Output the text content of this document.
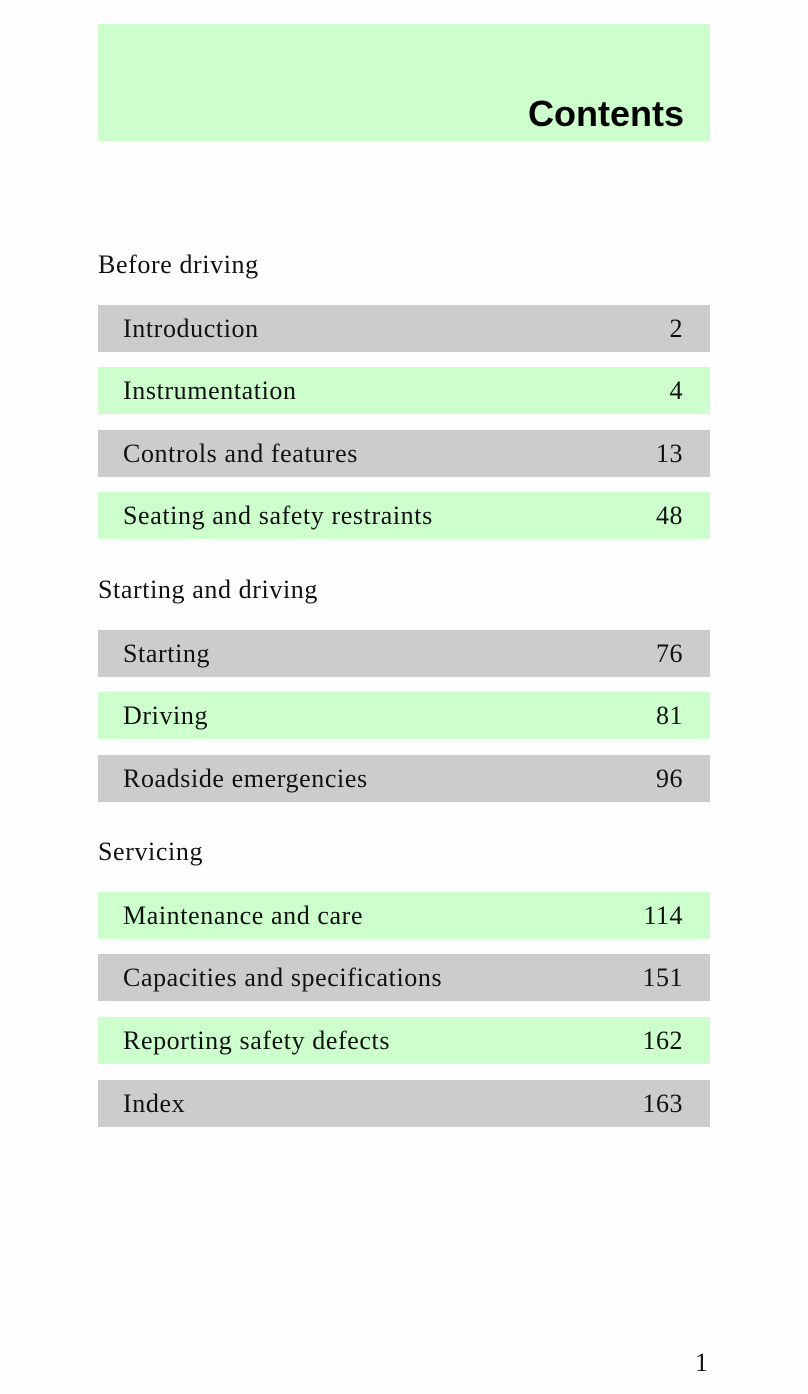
Contents
Before driving
Introduction	2
Instrumentation	4
Controls and features	13
Seating and safety restraints	48
Starting and driving
Starting	76
Driving	81
Roadside emergencies	96
Servicing
Maintenance and care	114
Capacities and specifications	151
Reporting safety defects	162
Index	163
1
